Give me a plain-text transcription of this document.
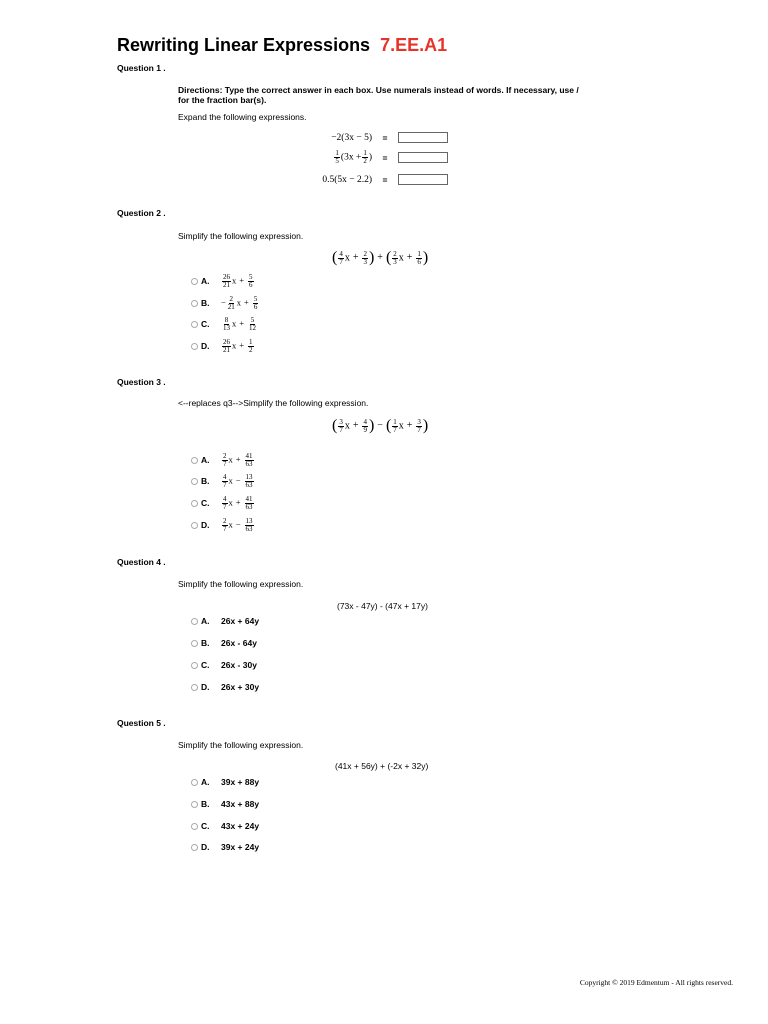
Rewriting Linear Expressions 7.EE.A1
Question 1 .
Directions: Type the correct answer in each box. Use numerals instead of words. If necessary, use / for the fraction bar(s).
Expand the following expressions.
−2(3x − 5)	=
$\frac{1}{5} (3x + \frac{1}{2}$ )	=
0.5(5x − 2.2)	=
Question 2 .
Simplify the following expression.
( $\frac{4}{7}$ $x + \frac{2}{3}$ ) + ( $\frac{2}{3}$ $x + \frac{1}{6}$ )
A.	$\frac{26}{21}$ $x + \frac{5}{6}$
B.	− $\frac{2}{21}$ $x + \frac{5}{6}$
C.	$\frac{8}{13}$ $x + \frac{5}{12}$
D.	$\frac{26}{21}$ $x + \frac{1}{2}$
Question 3 .
<--replaces q3-->Simplify the following expression.
( $\frac{3}{7}$ $x + \frac{4}{9}$ ) − ( $\frac{1}{7}$ $x + \frac{3}{7}$ )
A.	$\frac{2}{7}$ $x + \frac{41}{63}$
B.	$\frac{4}{7}$ $x - \frac{13}{63}$
C.	$\frac{4}{7}$ $x + \frac{41}{63}$
D.	$\frac{2}{7}$ $x - \frac{13}{63}$
Question 4 .
Simplify the following expression.
(73x - 47y) - (47x + 17y)
A.	26x + 64y
B.	26x - 64y
C.	26x - 30y
D.	26x + 30y
Question 5 .
Simplify the following expression.
(41x + 56y) + (-2x + 32y)
A.	39x + 88y
B.	43x + 88y
C.	43x + 24y
D.	39x + 24y
Copyright © 2019 Edmentum - All rights reserved.
